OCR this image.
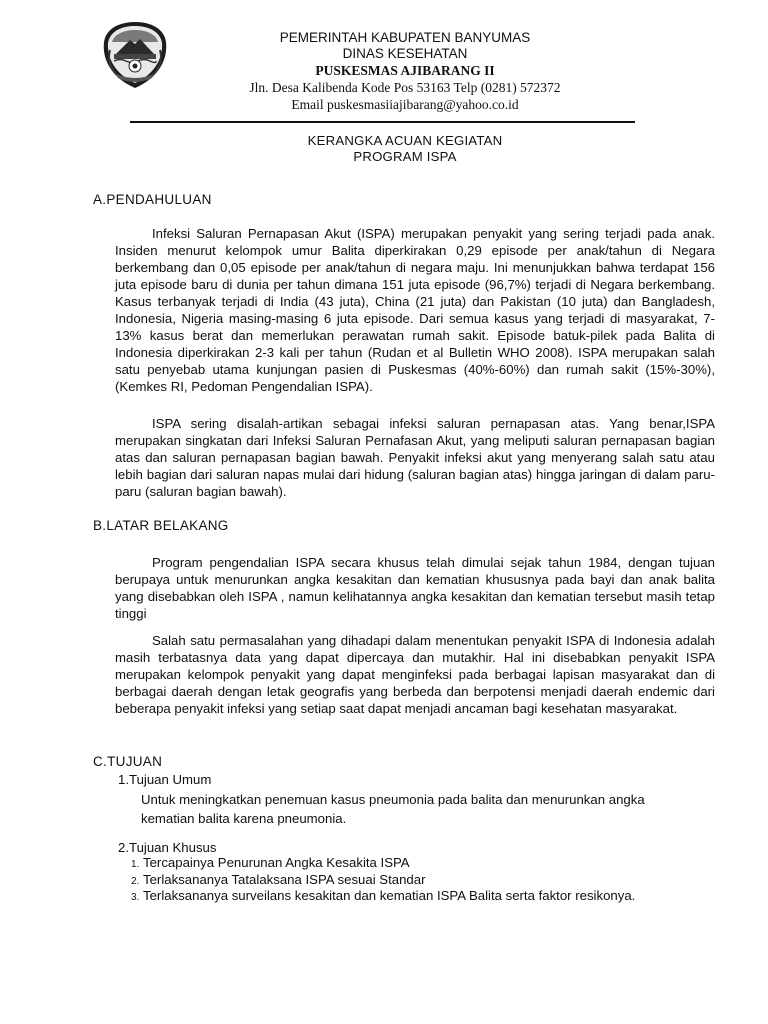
PEMERINTAH KABUPATEN BANYUMAS
DINAS KESEHATAN
PUSKESMAS AJIBARANG II
Jln. Desa Kalibenda Kode Pos 53163 Telp (0281) 572372
Email puskesmasiiajibarang@yahoo.co.id
KERANGKA ACUAN KEGIATAN
PROGRAM ISPA
A.PENDAHULUAN
Infeksi Saluran Pernapasan Akut (ISPA) merupakan penyakit yang sering terjadi pada anak. Insiden menurut kelompok umur Balita diperkirakan 0,29 episode per anak/tahun di Negara berkembang dan 0,05 episode per anak/tahun di negara maju. Ini menunjukkan bahwa terdapat 156 juta episode baru di dunia per tahun dimana 151 juta episode (96,7%) terjadi di Negara berkembang. Kasus terbanyak terjadi di India (43 juta), China (21 juta) dan Pakistan (10 juta) dan Bangladesh, Indonesia, Nigeria masing-masing 6 juta episode. Dari semua kasus yang terjadi di masyarakat, 7-13% kasus berat dan memerlukan perawatan rumah sakit. Episode batuk-pilek pada Balita di Indonesia diperkirakan 2-3 kali per tahun (Rudan et al Bulletin WHO 2008). ISPA merupakan salah satu penyebab utama kunjungan pasien di Puskesmas (40%-60%) dan rumah sakit (15%-30%), (Kemkes RI, Pedoman Pengendalian ISPA).
ISPA sering disalah-artikan sebagai infeksi saluran pernapasan atas. Yang benar,ISPA merupakan singkatan dari Infeksi Saluran Pernafasan Akut, yang meliputi saluran pernapasan bagian atas dan saluran pernapasan bagian bawah. Penyakit infeksi akut yang menyerang salah satu atau lebih bagian dari saluran napas mulai dari hidung (saluran bagian atas) hingga jaringan di dalam paru-paru (saluran bagian bawah).
B.LATAR BELAKANG
Program pengendalian ISPA secara khusus telah dimulai sejak tahun 1984, dengan tujuan berupaya untuk menurunkan angka kesakitan dan kematian khususnya pada bayi dan anak balita yang disebabkan oleh ISPA , namun kelihatannya angka kesakitan dan kematian tersebut masih tetap tinggi
Salah satu permasalahan yang dihadapi dalam menentukan penyakit ISPA di Indonesia adalah masih terbatasnya data yang dapat dipercaya dan mutakhir. Hal ini disebabkan penyakit ISPA merupakan kelompok penyakit yang dapat menginfeksi pada berbagai lapisan masyarakat dan di berbagai daerah dengan letak geografis yang berbeda dan berpotensi menjadi daerah endemic dari beberapa penyakit infeksi yang setiap saat dapat menjadi ancaman bagi kesehatan masyarakat.
C.TUJUAN
1.Tujuan Umum
Untuk meningkatkan penemuan kasus pneumonia pada balita dan menurunkan angka kematian balita karena pneumonia.
2.Tujuan Khusus
1. Tercapainya Penurunan Angka Kesakita ISPA
2. Terlaksananya Tatalaksana ISPA sesuai Standar
3. Terlaksananya surveilans kesakitan dan kematian ISPA Balita serta faktor resikonya.
